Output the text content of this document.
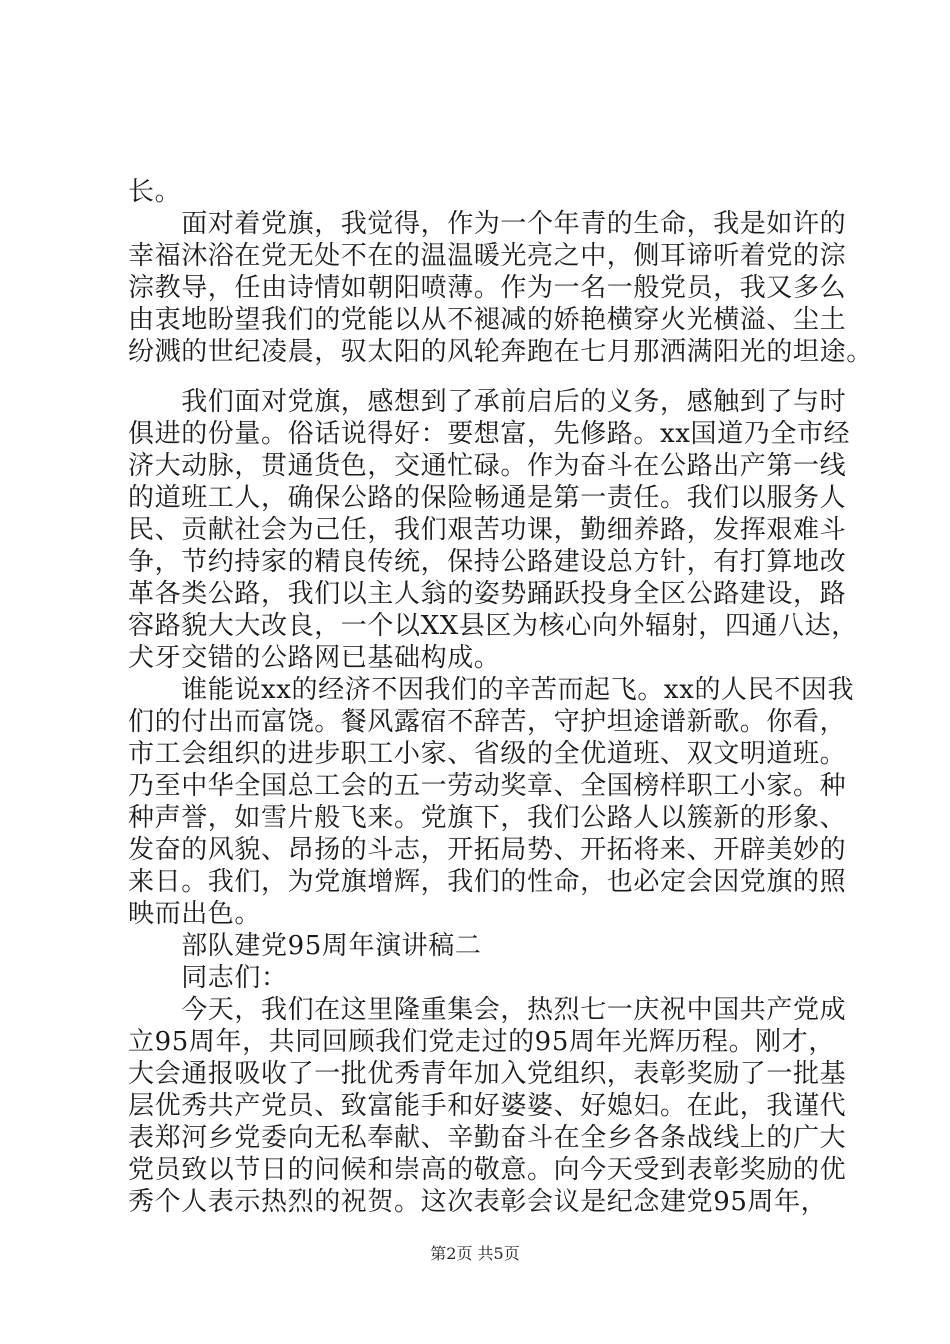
长。
　　面对着党旗，我觉得，作为一个年青的生命，我是如许的
幸福沐浴在党无处不在的温温暖光亮之中，侧耳谛听着党的淙
淙教导，任由诗情如朝阳喷薄。作为一名一般党员，我又多么
由衷地盼望我们的党能以从不褪减的娇艳横穿火光横溢、尘土
纷溅的世纪凌晨，驭太阳的风轮奔跑在七月那洒满阳光的坦途。
　　我们面对党旗，感想到了承前启后的义务，感触到了与时
俱进的份量。俗话说得好：要想富，先修路。xx国道乃全市经
济大动脉，贯通货色，交通忙碌。作为奋斗在公路出产第一线
的道班工人，确保公路的保险畅通是第一责任。我们以服务人
民、贡献社会为己任，我们艰苦功课，勤细养路，发挥艰难斗
争，节约持家的精良传统，保持公路建设总方针，有打算地改
革各类公路，我们以主人翁的姿势踊跃投身全区公路建设，路
容路貌大大改良，一个以XX县区为核心向外辐射，四通八达，
犬牙交错的公路网已基础构成。
　　谁能说xx的经济不因我们的辛苦而起飞。xx的人民不因我
们的付出而富饶。餐风露宿不辞苦，守护坦途谱新歌。你看，
市工会组织的进步职工小家、省级的全优道班、双文明道班。
乃至中华全国总工会的五一劳动奖章、全国榜样职工小家。种
种声誉，如雪片般飞来。党旗下，我们公路人以簇新的形象、
发奋的风貌、昂扬的斗志，开拓局势、开拓将来、开辟美妙的
来日。我们，为党旗增辉，我们的性命，也必定会因党旗的照
映而出色。
　　部队建党95周年演讲稿二
　　同志们：
　　今天，我们在这里隆重集会，热烈七一庆祝中国共产党成
立95周年，共同回顾我们党走过的95周年光辉历程。刚才，
大会通报吸收了一批优秀青年加入党组织，表彰奖励了一批基
层优秀共产党员、致富能手和好婆婆、好媳妇。在此，我谨代
表郑河乡党委向无私奉献、辛勤奋斗在全乡各条战线上的广大
党员致以节日的问候和崇高的敬意。向今天受到表彰奖励的优
秀个人表示热烈的祝贺。这次表彰会议是纪念建党95周年，
第2页 共5页
